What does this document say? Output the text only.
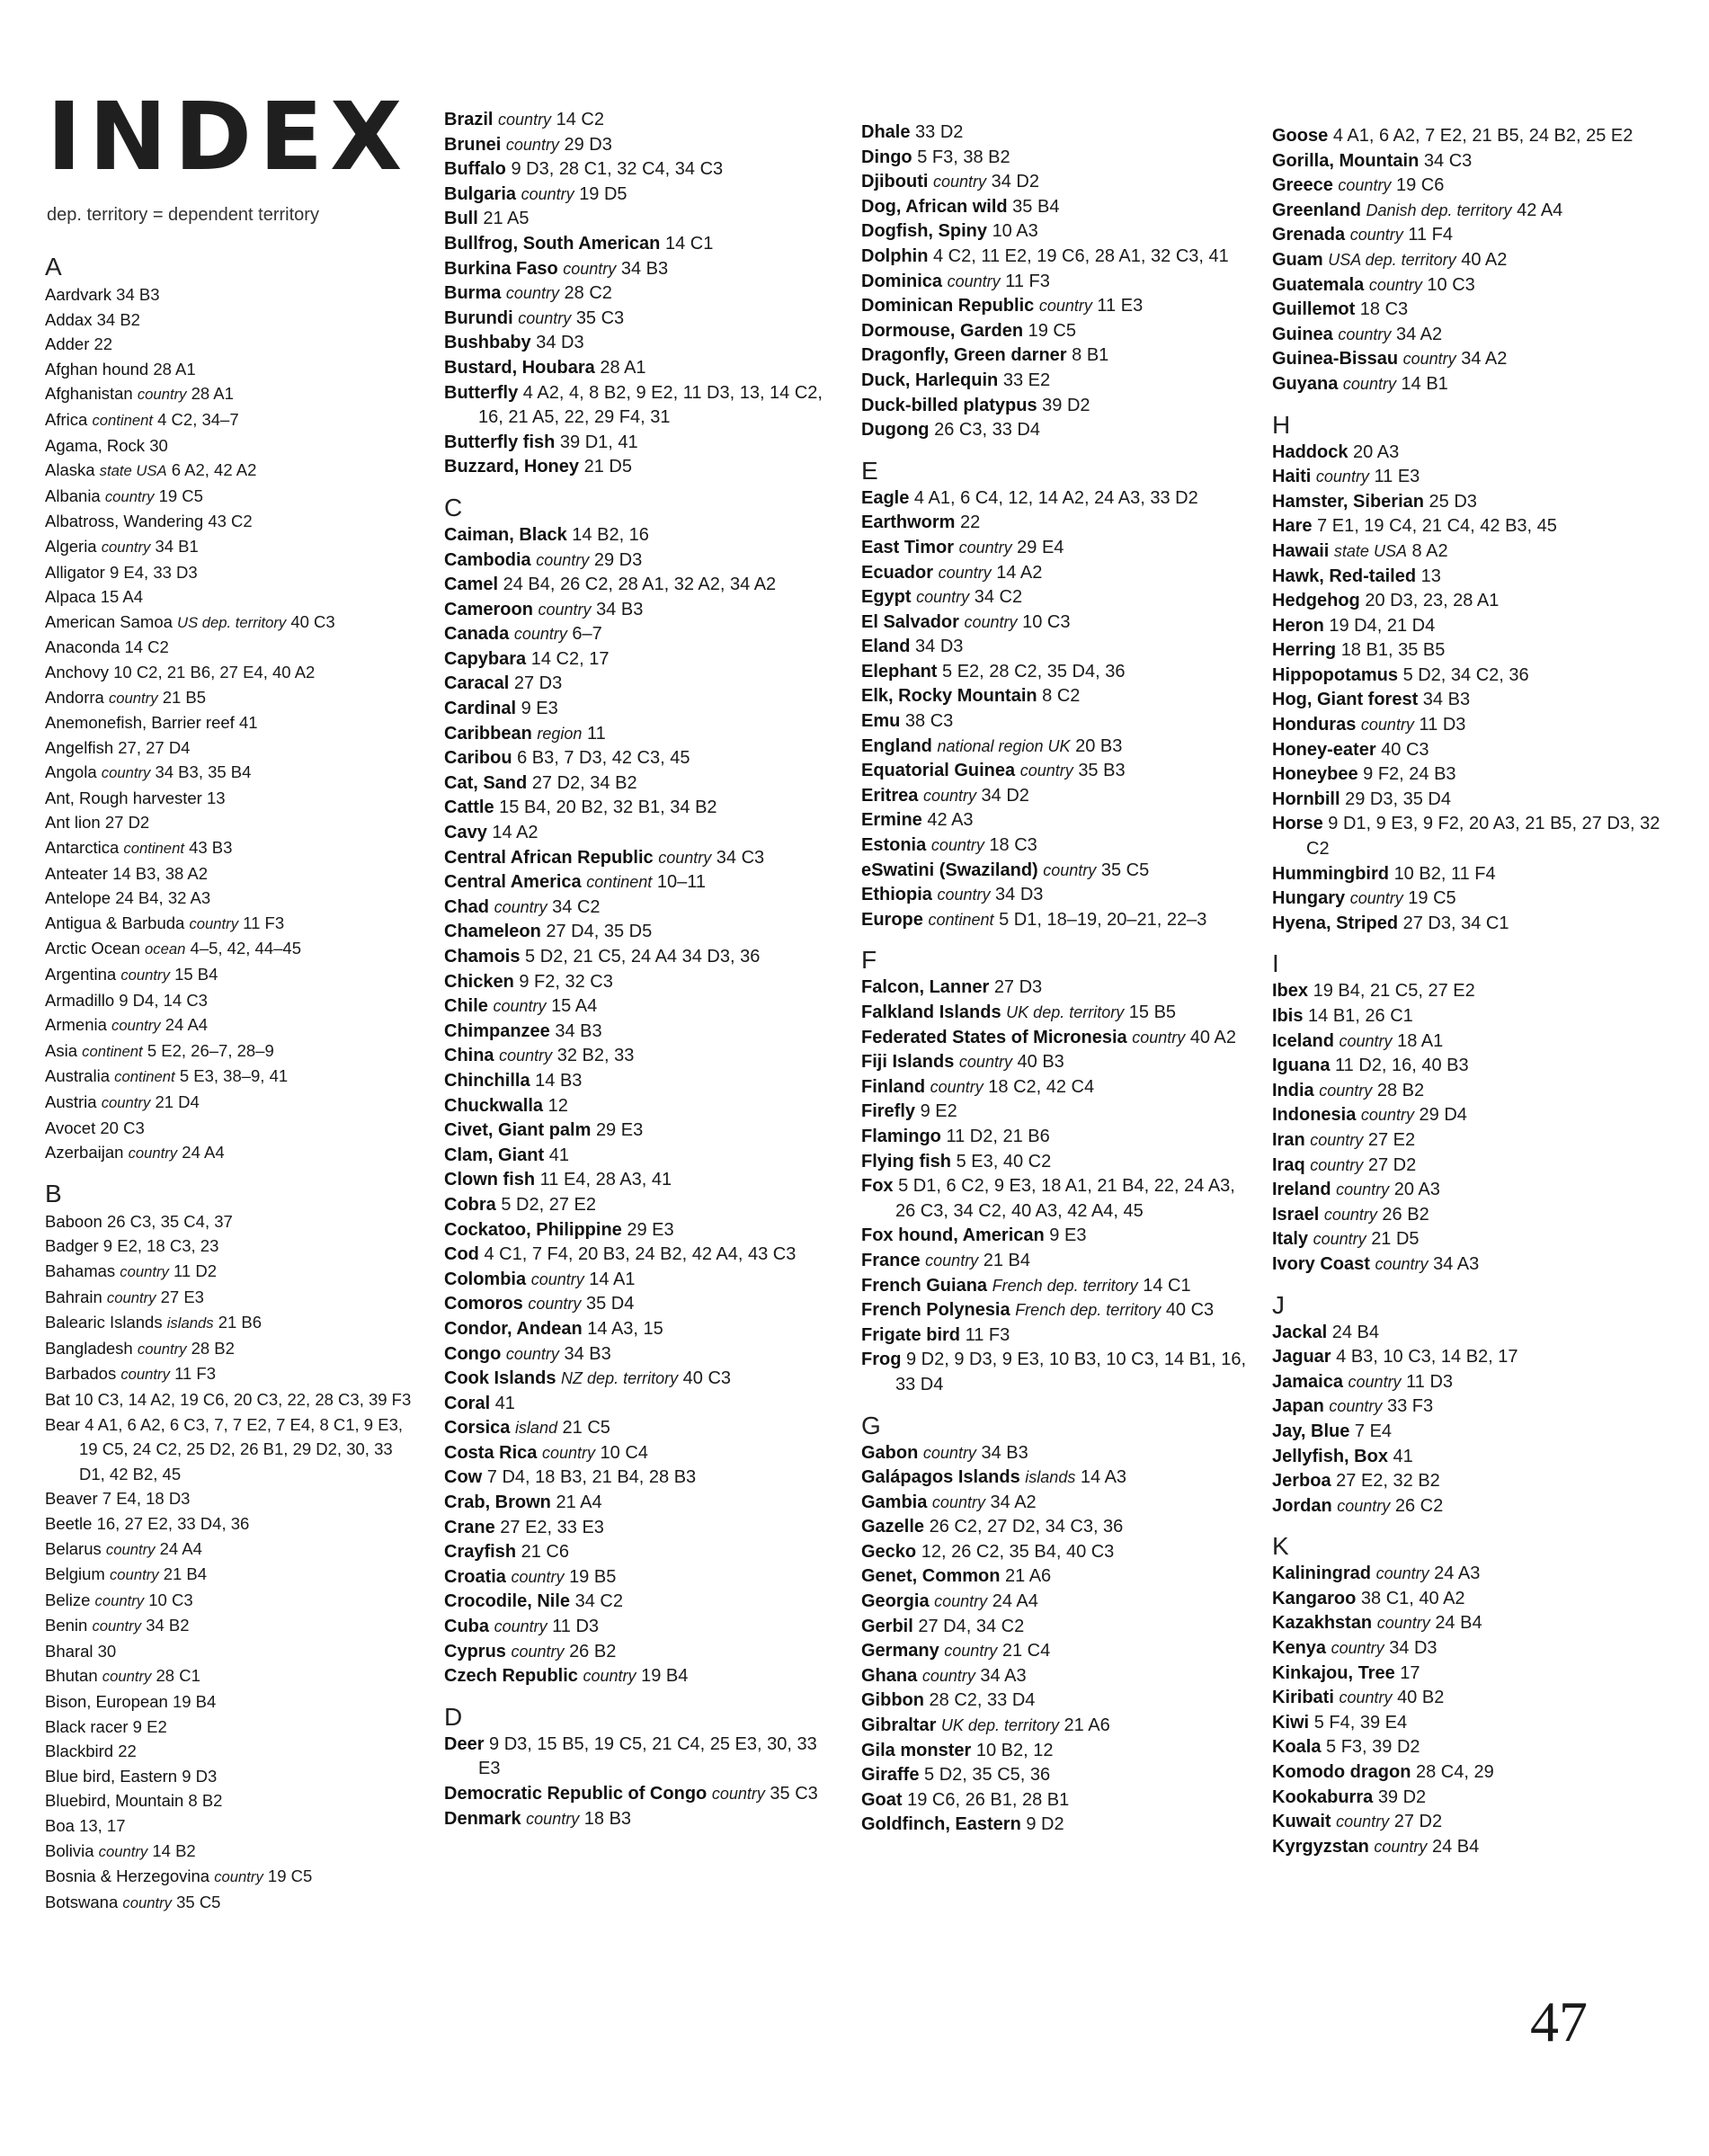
INDEX

dep. territory = dependent territory

A
Aardvark 34 B3
Addax 34 B2
Adder 22
Afghan hound 28 A1
Afghanistan country 28 A1
Africa continent 4 C2, 34–7
Agama, Rock 30
Alaska state USA 6 A2, 42 A2
Albania country 19 C5
Albatross, Wandering 43 C2
Algeria country 34 B1
Alligator 9 E4, 33 D3
Alpaca 15 A4
American Samoa US dep. territory 40 C3
Anaconda 14 C2
Anchovy 10 C2, 21 B6, 27 E4, 40 A2
Andorra country 21 B5
Anemonefish, Barrier reef 41
Angelfish 27, 27 D4
Angola country 34 B3, 35 B4
Ant, Rough harvester 13
Ant lion 27 D2
Antarctica continent 43 B3
Anteater 14 B3, 38 A2
Antelope 24 B4, 32 A3
Antigua & Barbuda country 11 F3
Arctic Ocean ocean 4–5, 42, 44–45
Argentina country 15 B4
Armadillo 9 D4, 14 C3
Armenia country 24 A4
Asia continent 5 E2, 26–7, 28–9
Australia continent 5 E3, 38–9, 41
Austria country 21 D4
Avocet 20 C3
Azerbaijan country 24 A4
B
Baboon 26 C3, 35 C4, 37
Badger 9 E2, 18 C3, 23
Bahamas country 11 D2
Bahrain country 27 E3
Balearic Islands islands 21 B6
Bangladesh country 28 B2
Barbados country 11 F3
Bat 10 C3, 14 A2, 19 C6, 20 C3, 22, 28 C3, 39 F3
Bear 4 A1, 6 A2, 6 C3, 7, 7 E2, 7 E4, 8 C1, 9 E3, 19 C5, 24 C2, 25 D2, 26 B1, 29 D2, 30, 33 D1, 42 B2, 45
Beaver 7 E4, 18 D3
Beetle 16, 27 E2, 33 D4, 36
Belarus country 24 A4
Belgium country 21 B4
Belize country 10 C3
Benin country 34 B2
Bharal 30
Bhutan country 28 C1
Bison, European 19 B4
Black racer 9 E2
Blackbird 22
Blue bird, Eastern 9 D3
Bluebird, Mountain 8 B2
Boa 13, 17
Bolivia country 14 B2
Bosnia & Herzegovina country 19 C5
Botswana country 35 C5
Brazil country 14 C2
Brunei country 29 D3
Buffalo 9 D3, 28 C1, 32 C4, 34 C3
Bulgaria country 19 D5
Bull 21 A5
Bullfrog, South American 14 C1
Burkina Faso country 34 B3
Burma country 28 C2
Burundi country 35 C3
Bushbaby 34 D3
Bustard, Houbara 28 A1
Butterfly 4 A2, 4, 8 B2, 9 E2, 11 D3, 13, 14 C2, 16, 21 A5, 22, 29 F4, 31
Butterfly fish 39 D1, 41
Buzzard, Honey 21 D5
C
Caiman, Black 14 B2, 16
Cambodia country 29 D3
Camel 24 B4, 26 C2, 28 A1, 32 A2, 34 A2
Cameroon country 34 B3
Canada country 6–7
Capybara 14 C2, 17
Caracal 27 D3
Cardinal 9 E3
Caribbean region 11
Caribou 6 B3, 7 D3, 42 C3, 45
Cat, Sand 27 D2, 34 B2
Cattle 15 B4, 20 B2, 32 B1, 34 B2
Cavy 14 A2
Central African Republic country 34 C3
Central America continent 10–11
Chad country 34 C2
Chameleon 27 D4, 35 D5
Chamois 5 D2, 21 C5, 24 A4 34 D3, 36
Chicken 9 F2, 32 C3
Chile country 15 A4
Chimpanzee 34 B3
China country 32 B2, 33
Chinchilla 14 B3
Chuckwalla 12
Civet, Giant palm 29 E3
Clam, Giant 41
Clown fish 11 E4, 28 A3, 41
Cobra 5 D2, 27 E2
Cockatoo, Philippine 29 E3
Cod 4 C1, 7 F4, 20 B3, 24 B2, 42 A4, 43 C3
Colombia country 14 A1
Comoros country 35 D4
Condor, Andean 14 A3, 15
Congo country 34 B3
Cook Islands NZ dep. territory 40 C3
Coral 41
Corsica island 21 C5
Costa Rica country 10 C4
Cow 7 D4, 18 B3, 21 B4, 28 B3
Crab, Brown 21 A4
Crane 27 E2, 33 E3
Crayfish 21 C6
Croatia country 19 B5
Crocodile, Nile 34 C2
Cuba country 11 D3
Cyprus country 26 B2
Czech Republic country 19 B4
D
Deer 9 D3, 15 B5, 19 C5, 21 C4, 25 E3, 30, 33 E3
Democratic Republic of Congo country 35 C3
Denmark country 18 B3
Dhale 33 D2
Dingo 5 F3, 38 B2
Djibouti country 34 D2
Dog, African wild 35 B4
Dogfish, Spiny 10 A3
Dolphin 4 C2, 11 E2, 19 C6, 28 A1, 32 C3, 41
Dominica country 11 F3
Dominican Republic country 11 E3
Dormouse, Garden 19 C5
Dragonfly, Green darner 8 B1
Duck, Harlequin 33 E2
Duck-billed platypus 39 D2
Dugong 26 C3, 33 D4
E
Eagle 4 A1, 6 C4, 12, 14 A2, 24 A3, 33 D2
Earthworm 22
East Timor country 29 E4
Ecuador country 14 A2
Egypt country 34 C2
El Salvador country 10 C3
Eland 34 D3
Elephant 5 E2, 28 C2, 35 D4, 36
Elk, Rocky Mountain 8 C2
Emu 38 C3
England national region UK 20 B3
Equatorial Guinea country 35 B3
Eritrea country 34 D2
Ermine 42 A3
Estonia country 18 C3
eSwatini (Swaziland) country 35 C5
Ethiopia country 34 D3
Europe continent 5 D1, 18–19, 20–21, 22–3
F
Falcon, Lanner 27 D3
Falkland Islands UK dep. territory 15 B5
Federated States of Micronesia country 40 A2
Fiji Islands country 40 B3
Finland country 18 C2, 42 C4
Firefly 9 E2
Flamingo 11 D2, 21 B6
Flying fish 5 E3, 40 C2
Fox 5 D1, 6 C2, 9 E3, 18 A1, 21 B4, 22, 24 A3, 26 C3, 34 C2, 40 A3, 42 A4, 45
Fox hound, American 9 E3
France country 21 B4
French Guiana French dep. territory 14 C1
French Polynesia French dep. territory 40 C3
Frigate bird 11 F3
Frog 9 D2, 9 D3, 9 E3, 10 B3, 10 C3, 14 B1, 16, 33 D4
G
Gabon country 34 B3
Galápagos Islands islands 14 A3
Gambia country 34 A2
Gazelle 26 C2, 27 D2, 34 C3, 36
Gecko 12, 26 C2, 35 B4, 40 C3
Genet, Common 21 A6
Georgia country 24 A4
Gerbil 27 D4, 34 C2
Germany country 21 C4
Ghana country 34 A3
Gibbon 28 C2, 33 D4
Gibraltar UK dep. territory 21 A6
Gila monster 10 B2, 12
Giraffe 5 D2, 35 C5, 36
Goat 19 C6, 26 B1, 28 B1
Goldfinch, Eastern 9 D2
Goose 4 A1, 6 A2, 7 E2, 21 B5, 24 B2, 25 E2
Gorilla, Mountain 34 C3
Greece country 19 C6
Greenland Danish dep. territory 42 A4
Grenada country 11 F4
Guam USA dep. territory 40 A2
Guatemala country 10 C3
Guillemot 18 C3
Guinea country 34 A2
Guinea-Bissau country 34 A2
Guyana country 14 B1
H
Haddock 20 A3
Haiti country 11 E3
Hamster, Siberian 25 D3
Hare 7 E1, 19 C4, 21 C4, 42 B3, 45
Hawaii state USA 8 A2
Hawk, Red-tailed 13
Hedgehog 20 D3, 23, 28 A1
Heron 19 D4, 21 D4
Herring 18 B1, 35 B5
Hippopotamus 5 D2, 34 C2, 36
Hog, Giant forest 34 B3
Honduras country 11 D3
Honey-eater 40 C3
Honeybee 9 F2, 24 B3
Hornbill 29 D3, 35 D4
Horse 9 D1, 9 E3, 9 F2, 20 A3, 21 B5, 27 D3, 32 C2
Hummingbird 10 B2, 11 F4
Hungary country 19 C5
Hyena, Striped 27 D3, 34 C1
I
Ibex 19 B4, 21 C5, 27 E2
Ibis 14 B1, 26 C1
Iceland country 18 A1
Iguana 11 D2, 16, 40 B3
India country 28 B2
Indonesia country 29 D4
Iran country 27 E2
Iraq country 27 D2
Ireland country 20 A3
Israel country 26 B2
Italy country 21 D5
Ivory Coast country 34 A3
J
Jackal 24 B4
Jaguar 4 B3, 10 C3, 14 B2, 17
Jamaica country 11 D3
Japan country 33 F3
Jay, Blue 7 E4
Jellyfish, Box 41
Jerboa 27 E2, 32 B2
Jordan country 26 C2
K
Kaliningrad country 24 A3
Kangaroo 38 C1, 40 A2
Kazakhstan country 24 B4
Kenya country 34 D3
Kinkajou, Tree 17
Kiribati country 40 B2
Kiwi 5 F4, 39 E4
Koala 5 F3, 39 D2
Komodo dragon 28 C4, 29
Kookaburra 39 D2
Kuwait country 27 D2
Kyrgyzstan country 24 B4

47
